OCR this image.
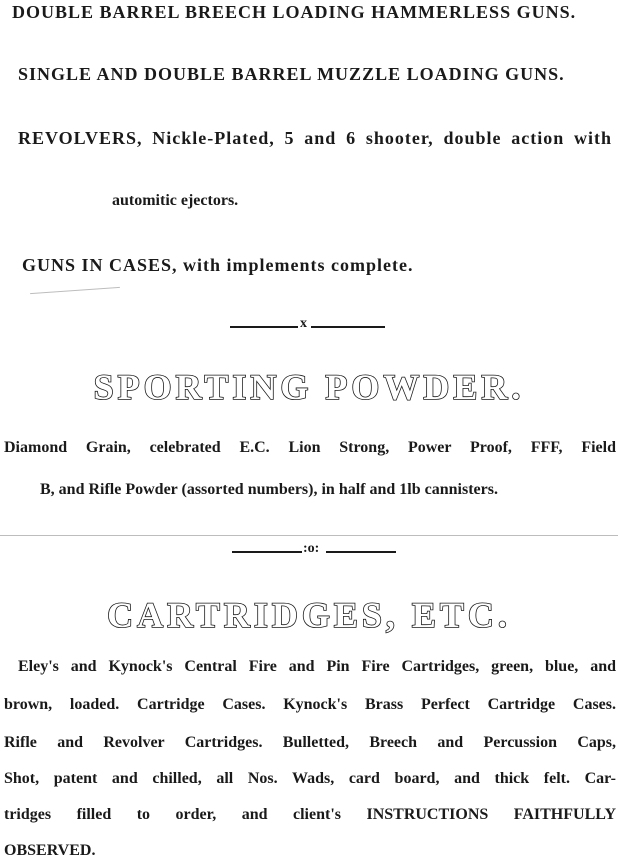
DOUBLE BARREL BREECH LOADING HAMMERLESS GUNS.
SINGLE AND DOUBLE BARREL MUZZLE LOADING GUNS.
REVOLVERS, Nickle-Plated, 5 and 6 shooter, double action with
automitic ejectors.
GUNS IN CASES, with implements complete.
x
SPORTING POWDER.
Diamond Grain, celebrated E.C. Lion Strong, Power Proof, FFF, Field
B, and Rifle Powder (assorted numbers), in half and 1lb cannisters.
:o:
CARTRIDGES, ETC.
Eley's and Kynock's Central Fire and Pin Fire Cartridges, green, blue, and
brown, loaded. Cartridge Cases. Kynock's Brass Perfect Cartridge Cases.
Rifle and Revolver Cartridges. Bulletted, Breech and Percussion Caps,
Shot, patent and chilled, all Nos. Wads, card board, and thick felt. Car-
tridges filled to order, and client's INSTRUCTIONS FAITHFULLY
OBSERVED.
